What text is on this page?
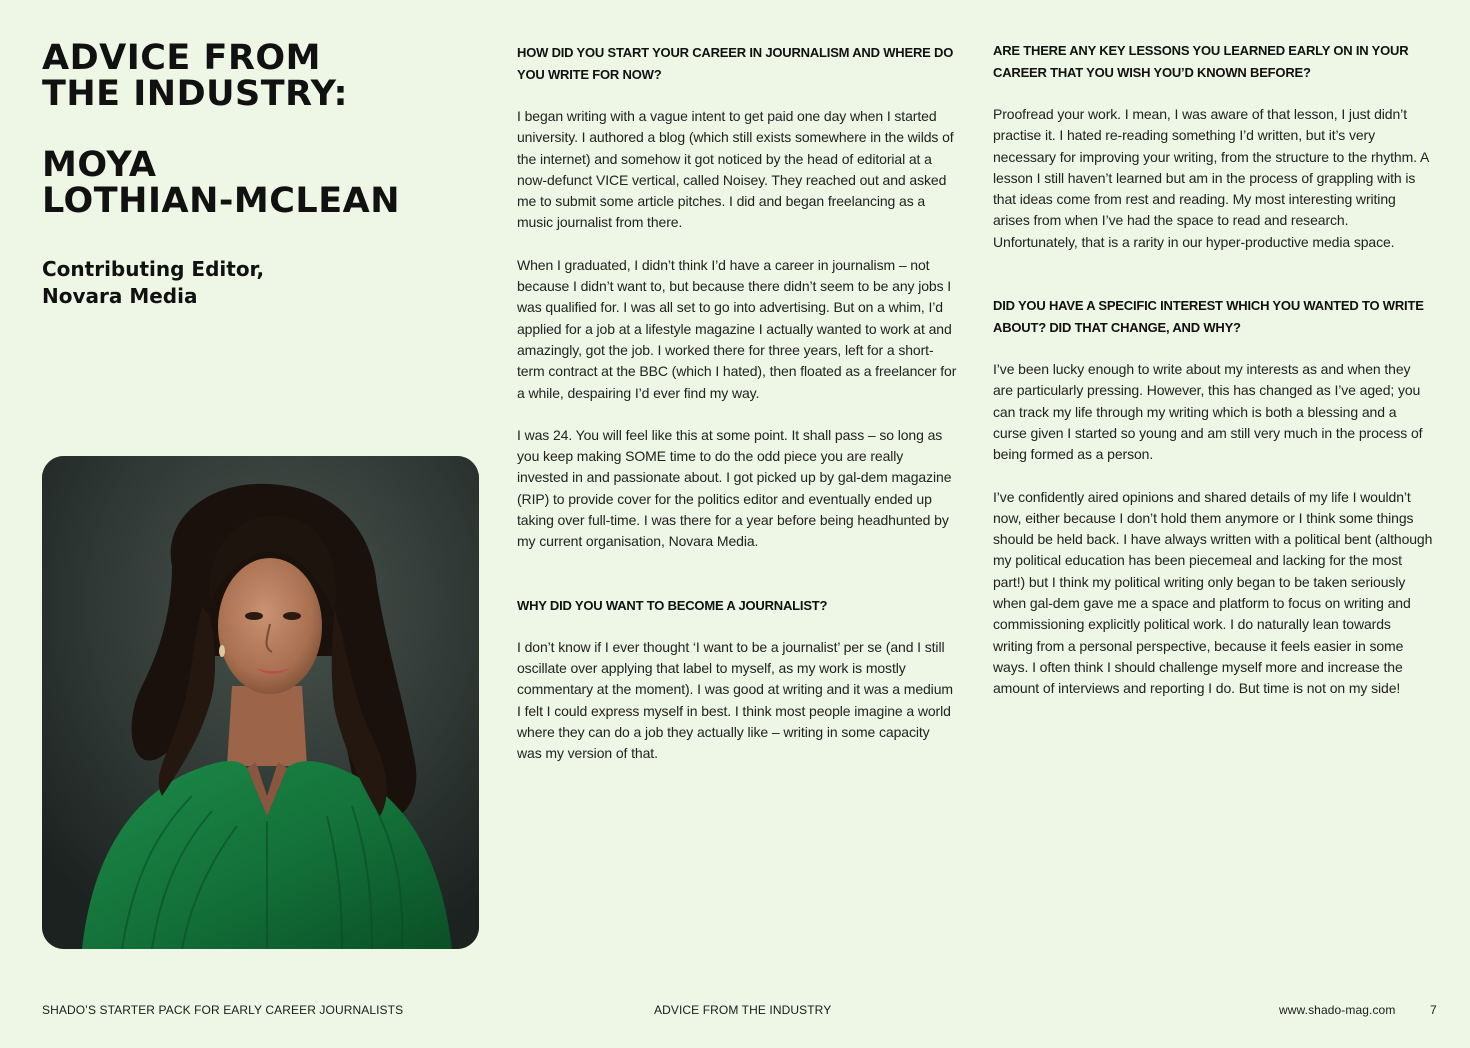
ADVICE FROM
THE INDUSTRY:
MOYA
LOTHIAN-MCLEAN
Contributing Editor,
Novara Media

HOW DID YOU START YOUR CAREER IN JOURNALISM AND WHERE DO YOU WRITE FOR NOW?

I began writing with a vague intent to get paid one day when I started university. I authored a blog (which still exists somewhere in the wilds of the internet) and somehow it got noticed by the head of editorial at a now-defunct VICE vertical, called Noisey. They reached out and asked me to submit some article pitches. I did and began freelancing as a music journalist from there.

When I graduated, I didn’t think I’d have a career in journalism – not because I didn’t want to, but because there didn’t seem to be any jobs I was qualified for. I was all set to go into advertising. But on a whim, I’d applied for a job at a lifestyle magazine I actually wanted to work at and amazingly, got the job. I worked there for three years, left for a short-term contract at the BBC (which I hated), then floated as a freelancer for a while, despairing I’d ever find my way.

I was 24. You will feel like this at some point. It shall pass – so long as you keep making SOME time to do the odd piece you are really invested in and passionate about. I got picked up by gal-dem magazine (RIP) to provide cover for the politics editor and eventually ended up taking over full-time. I was there for a year before being headhunted by my current organisation, Novara Media.

WHY DID YOU WANT TO BECOME A JOURNALIST?

I don’t know if I ever thought ‘I want to be a journalist’ per se (and I still oscillate over applying that label to myself, as my work is mostly commentary at the moment). I was good at writing and it was a medium I felt I could express myself in best. I think most people imagine a world where they can do a job they actually like – writing in some capacity was my version of that.

ARE THERE ANY KEY LESSONS YOU LEARNED EARLY ON IN YOUR CAREER THAT YOU WISH YOU’D KNOWN BEFORE?

Proofread your work. I mean, I was aware of that lesson, I just didn’t practise it. I hated re-reading something I’d written, but it’s very necessary for improving your writing, from the structure to the rhythm. A lesson I still haven’t learned but am in the process of grappling with is that ideas come from rest and reading. My most interesting writing arises from when I’ve had the space to read and research. Unfortunately, that is a rarity in our hyper-productive media space.

DID YOU HAVE A SPECIFIC INTEREST WHICH YOU WANTED TO WRITE ABOUT? DID THAT CHANGE, AND WHY?

I’ve been lucky enough to write about my interests as and when they are particularly pressing. However, this has changed as I’ve aged; you can track my life through my writing which is both a blessing and a curse given I started so young and am still very much in the process of being formed as a person.

I’ve confidently aired opinions and shared details of my life I wouldn’t now, either because I don’t hold them anymore or I think some things should be held back. I have always written with a political bent (although my political education has been piecemeal and lacking for the most part!) but I think my political writing only began to be taken seriously when gal-dem gave me a space and platform to focus on writing and commissioning explicitly political work. I do naturally lean towards writing from a personal perspective, because it feels easier in some ways. I often think I should challenge myself more and increase the amount of interviews and reporting I do. But time is not on my side!

SHADO’S STARTER PACK FOR EARLY CAREER JOURNALISTS	ADVICE FROM THE INDUSTRY	www.shado-mag.com	7
